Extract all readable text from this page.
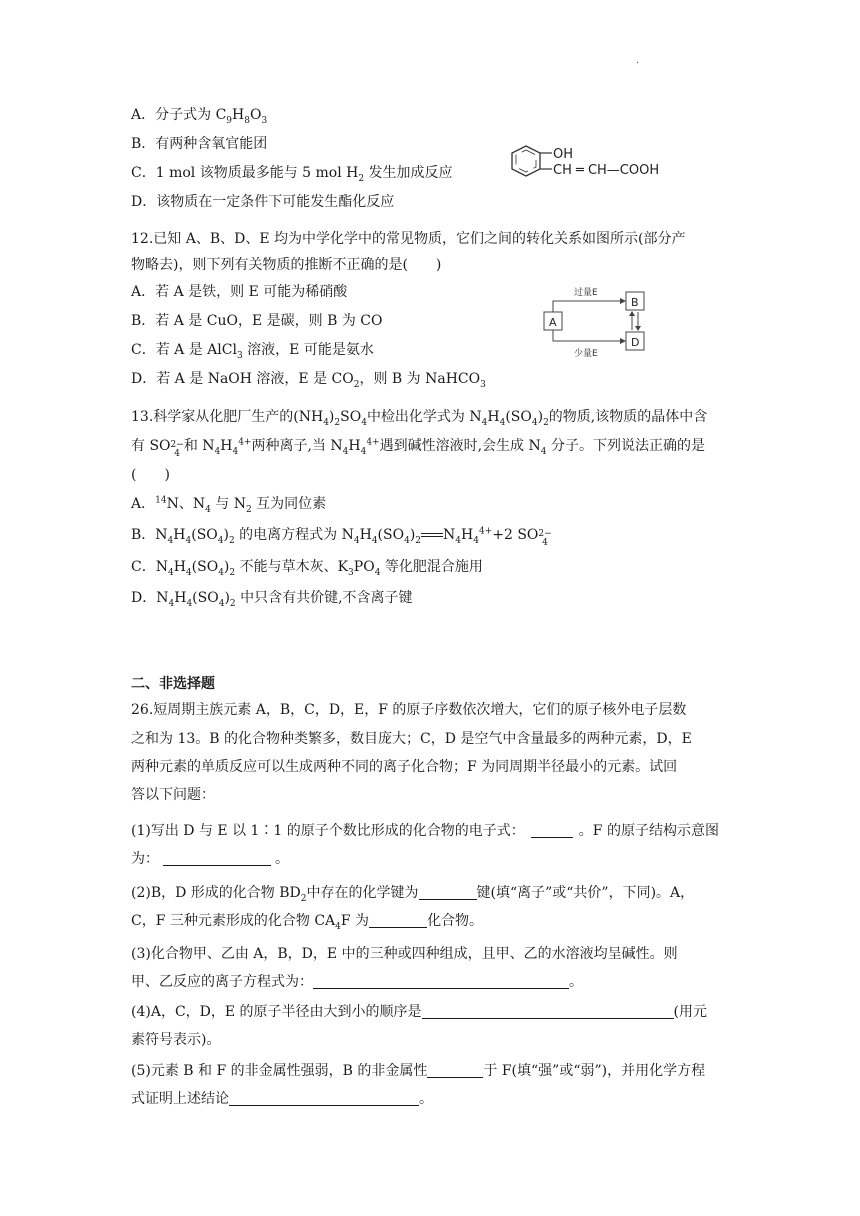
·
A．分子式为 $C_9H_8O_3$
B．有两种含氧官能团
C．1 mol 该物质最多能与 5 mol $H_2$ 发生加成反应
D．该物质在一定条件下可能发生酯化反应
OH
CH ═ CH—COOH
12.已知 A、B、D、E 均为中学化学中的常见物质，它们之间的转化关系如图所示(部分产
物略去)，则下列有关物质的推断不正确的是(　　)
A．若 A 是铁，则 E 可能为稀硝酸
B．若 A 是 CuO，E 是碳，则 B 为 CO
C．若 A 是 AlCl$_3$ 溶液，E 可能是氨水
D．若 A 是 NaOH 溶液，E 是 $CO_2$，则 B 为 NaHCO$_3$
A
B
D
过量E
少量E
13.科学家从化肥厂生产的$(NH_4)_2SO_4$中检出化学式为 $N_4H_4(SO_4)_2$的物质,该物质的晶体中含
有 SO 2−
4 和 $N_4H_4^{4+}$两种离子,当 $N_4H_4^{4+}$遇到碱性溶液时,会生成 $N_4$ 分子。下列说法正确的是
(　　)
A．$^{14}$N、$N_4$ 与 $N_2$ 互为同位素
B．$N_4H_4(SO_4)_2$ 的电离方程式为 $N_4H_4(SO_4)_2$ $N_4H_4^{4+}+2$ SO 2−
4
C．$N_4H_4(SO_4)_2$ 不能与草木灰、$K_3PO_4$ 等化肥混合施用
D．$N_4H_4(SO_4)_2$ 中只含有共价键,不含离子键
二、非选择题
26.短周期主族元素 A，B，C，D，E，F 的原子序数依次增大，它们的原子核外电子层数
之和为 13。B 的化合物种类繁多，数目庞大；C，D 是空气中含量最多的两种元素，D，E
两种元素的单质反应可以生成两种不同的离子化合物；F 为同周期半径最小的元素。试回
答以下问题：
(1)写出 D 与 E 以 1∶1 的原子个数比形成的化合物的电子式：	。F 的原子结构示意图
为：	。
(2)B，D 形成的化合物 $BD_2$中存在的化学键为	键(填“离子”或“共价”，下同)。A，
C，F 三种元素形成的化合物 $CA_4F$ 为	化合物。
(3)化合物甲、乙由 A，B，D，E 中的三种或四种组成，且甲、乙的水溶液均呈碱性。则
甲、乙反应的离子方程式为：	。
(4)A，C，D，E 的原子半径由大到小的顺序是	(用元
素符号表示)。
(5)元素 B 和 F 的非金属性强弱，B 的非金属性	于 F(填“强”或“弱”)，并用化学方程
式证明上述结论	。
